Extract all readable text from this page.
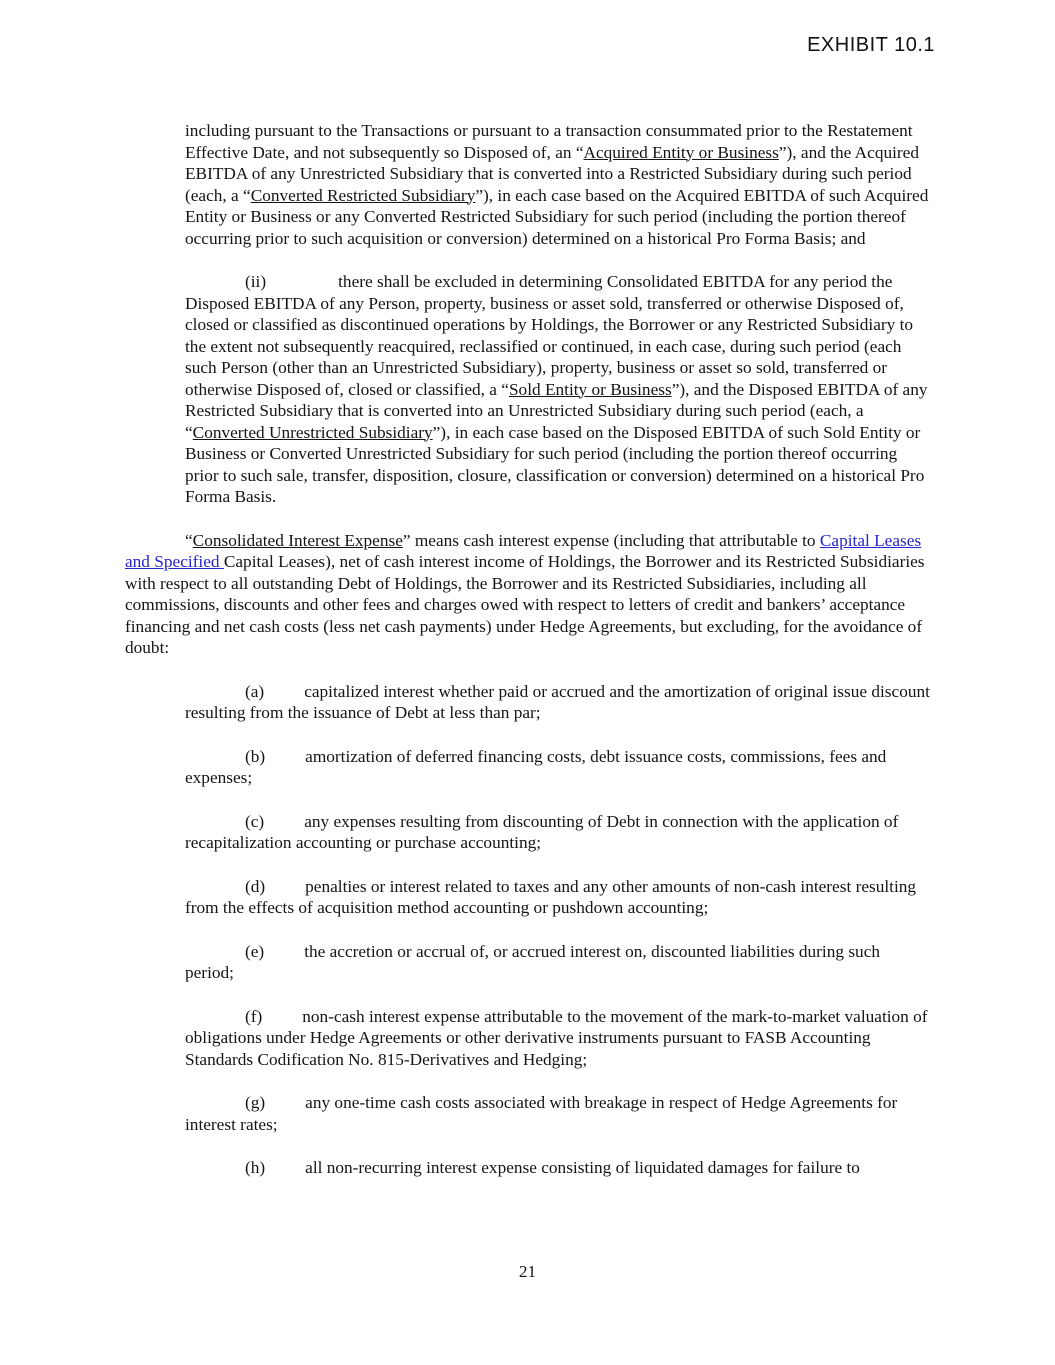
EXHIBIT 10.1
including pursuant to the Transactions or pursuant to a transaction consummated prior to the Restatement Effective Date, and not subsequently so Disposed of, an “Acquired Entity or Business”), and the Acquired EBITDA of any Unrestricted Subsidiary that is converted into a Restricted Subsidiary during such period (each, a “Converted Restricted Subsidiary”), in each case based on the Acquired EBITDA of such Acquired Entity or Business or any Converted Restricted Subsidiary for such period (including the portion thereof occurring prior to such acquisition or conversion) determined on a historical Pro Forma Basis; and
(ii)	there shall be excluded in determining Consolidated EBITDA for any period the Disposed EBITDA of any Person, property, business or asset sold, transferred or otherwise Disposed of, closed or classified as discontinued operations by Holdings, the Borrower or any Restricted Subsidiary to the extent not subsequently reacquired, reclassified or continued, in each case, during such period (each such Person (other than an Unrestricted Subsidiary), property, business or asset so sold, transferred or otherwise Disposed of, closed or classified, a “Sold Entity or Business”), and the Disposed EBITDA of any Restricted Subsidiary that is converted into an Unrestricted Subsidiary during such period (each, a “Converted Unrestricted Subsidiary”), in each case based on the Disposed EBITDA of such Sold Entity or Business or Converted Unrestricted Subsidiary for such period (including the portion thereof occurring prior to such sale, transfer, disposition, closure, classification or conversion) determined on a historical Pro Forma Basis.
“Consolidated Interest Expense” means cash interest expense (including that attributable to Capital Leases and Specified Capital Leases), net of cash interest income of Holdings, the Borrower and its Restricted Subsidiaries with respect to all outstanding Debt of Holdings, the Borrower and its Restricted Subsidiaries, including all commissions, discounts and other fees and charges owed with respect to letters of credit and bankers’ acceptance financing and net cash costs (less net cash payments) under Hedge Agreements, but excluding, for the avoidance of doubt:
(a) capitalized interest whether paid or accrued and the amortization of original issue discount resulting from the issuance of Debt at less than par;
(b) amortization of deferred financing costs, debt issuance costs, commissions, fees and expenses;
(c) any expenses resulting from discounting of Debt in connection with the application of recapitalization accounting or purchase accounting;
(d) penalties or interest related to taxes and any other amounts of non-cash interest resulting from the effects of acquisition method accounting or pushdown accounting;
(e) the accretion or accrual of, or accrued interest on, discounted liabilities during such period;
(f) non-cash interest expense attributable to the movement of the mark-to-market valuation of obligations under Hedge Agreements or other derivative instruments pursuant to FASB Accounting Standards Codification No. 815-Derivatives and Hedging;
(g) any one-time cash costs associated with breakage in respect of Hedge Agreements for interest rates;
(h) all non-recurring interest expense consisting of liquidated damages for failure to
21
